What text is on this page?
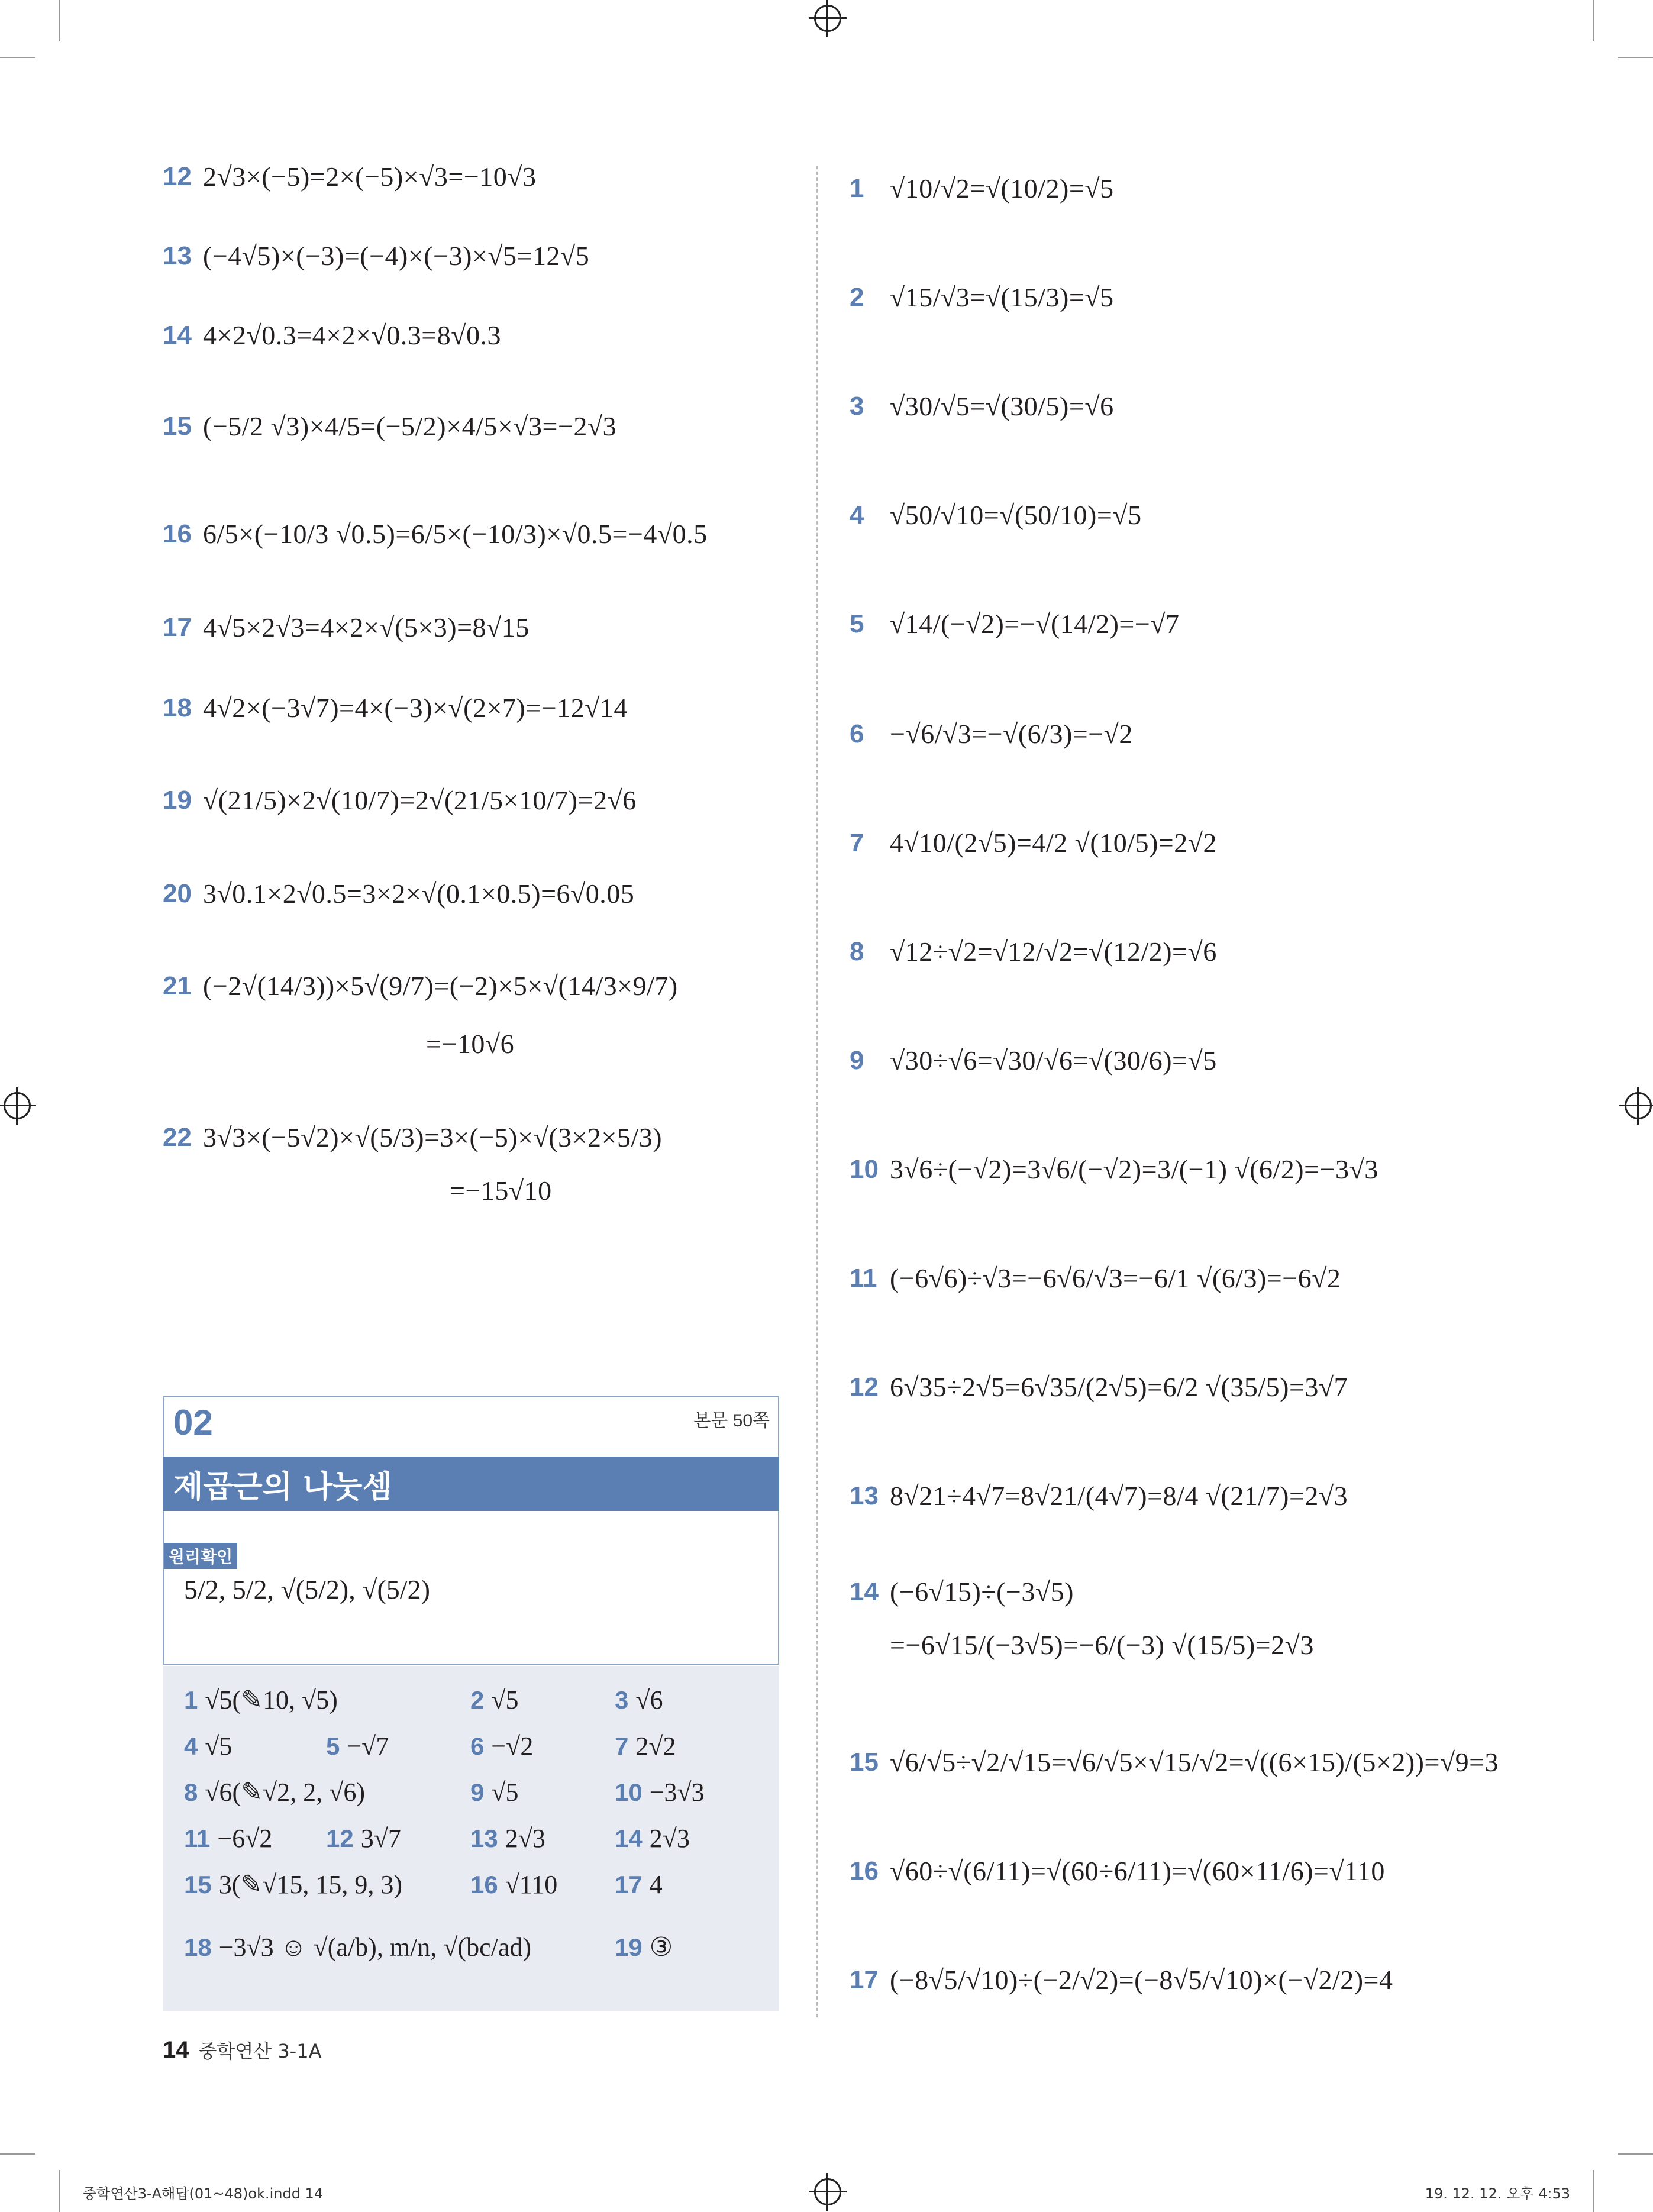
12 2√3×(−5)=2×(−5)×√3=−10√3
13 (−4√5)×(−3)=(−4)×(−3)×√5=12√5
14 4×2√0.3=4×2×√0.3=8√0.3
15 (−5/2 √3)×4/5=(−5/2)×4/5×√3=−2√3
16 6/5×(−10/3 √0.5)=6/5×(−10/3)×√0.5=−4√0.5
17 4√5×2√3=4×2×√(5×3)=8√15
18 4√2×(−3√7)=4×(−3)×√(2×7)=−12√14
19 √(21/5)×2√(10/7)=2√(21/5×10/7)=2√6
20 3√0.1×2√0.5=3×2×√(0.1×0.5)=6√0.05
21 (−2√(14/3))×5√(9/7)=(−2)×5×√(14/3×9/7)
=−10√6
22 3√3×(−5√2)×√(5/3)=3×(−5)×√(3×2×5/3)
=−15√10
02	본문 50쪽
제곱근의 나눗셈
원리확인
5/2, 5/2, √(5/2), √(5/2)
1 √5(✎10, √5)	2 √5	3 √6
4 √5	5 −√7	6 −√2	7 2√2
8 √6(✎√2, 2, √6)	9 √5	10 −3√3
11 −6√2 12 3√7	13 2√3	14 2√3
15 3(✎√15, 15, 9, 3)	16 √110 17 4
18 −3√3 ☺ √(a/b), m/n, √(bc/ad)	19 ③
1 √10/√2=√(10/2)=√5
2 √15/√3=√(15/3)=√5
3 √30/√5=√(30/5)=√6
4 √50/√10=√(50/10)=√5
5 √14/(−√2)=−√(14/2)=−√7
6 −√6/√3=−√(6/3)=−√2
7 4√10/(2√5)=4/2 √(10/5)=2√2
8 √12÷√2=√12/√2=√(12/2)=√6
9 √30÷√6=√30/√6=√(30/6)=√5
10 3√6÷(−√2)=3√6/(−√2)=3/(−1) √(6/2)=−3√3
11 (−6√6)÷√3=−6√6/√3=−6/1 √(6/3)=−6√2
12 6√35÷2√5=6√35/(2√5)=6/2 √(35/5)=3√7
13 8√21÷4√7=8√21/(4√7)=8/4 √(21/7)=2√3
14 (−6√15)÷(−3√5)
=−6√15/(−3√5)=−6/(−3) √(15/5)=2√3
15 √6/√5÷√2/√15=√6/√5×√15/√2=√((6×15)/(5×2))=√9=3
16 √60÷√(6/11)=√(60÷6/11)=√(60×11/6)=√110
17 (−8√5/√10)÷(−2/√2)=(−8√5/√10)×(−√2/2)=4
14 중학연산 3-1A
중학연산3-A해답(01~48)ok.indd 14	19. 12. 12. 오후 4:53
